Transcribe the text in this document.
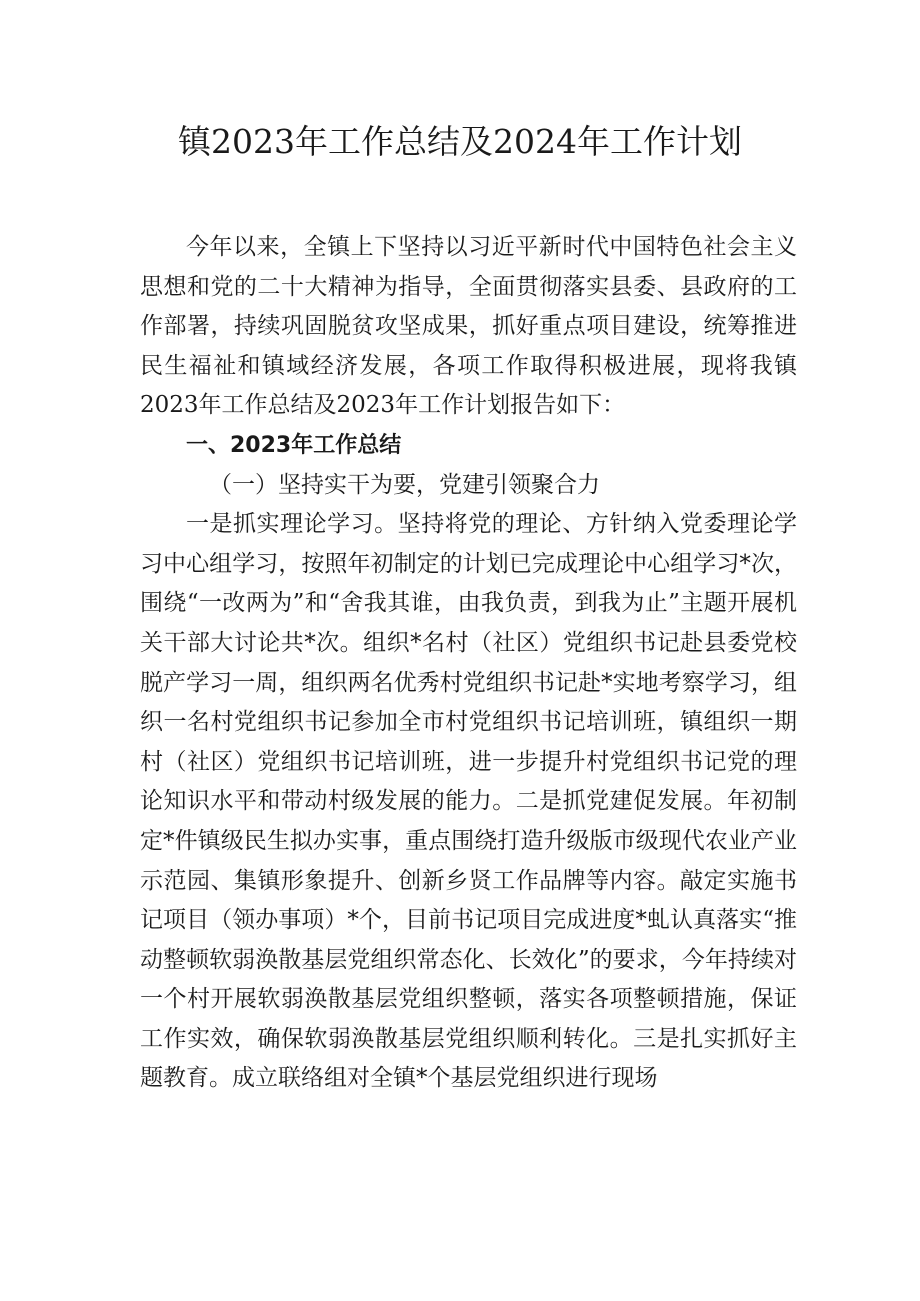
镇2023年工作总结及2024年工作计划

今年以来，全镇上下坚持以习近平新时代中国特色社会主义思想和党的二十大精神为指导，全面贯彻落实县委、县政府的工作部署，持续巩固脱贫攻坚成果，抓好重点项目建设，统筹推进民生福祉和镇域经济发展，各项工作取得积极进展，现将我镇2023年工作总结及2023年工作计划报告如下：

一、2023年工作总结

（一）坚持实干为要，党建引领聚合力

一是抓实理论学习。坚持将党的理论、方针纳入党委理论学习中心组学习，按照年初制定的计划已完成理论中心组学习*次，围绕“一改两为”和“舍我其谁，由我负责，到我为止”主题开展机关干部大讨论共*次。组织*名村（社区）党组织书记赴县委党校脱产学习一周，组织两名优秀村党组织书记赴*实地考察学习，组织一名村党组织书记参加全市村党组织书记培训班，镇组织一期村（社区）党组织书记培训班，进一步提升村党组织书记党的理论知识水平和带动村级发展的能力。二是抓党建促发展。年初制定*件镇级民生拟办实事，重点围绕打造升级版市级现代农业产业示范园、集镇形象提升、创新乡贤工作品牌等内容。敲定实施书记项目（领办事项）*个，目前书记项目完成进度*虬认真落实“推动整顿软弱涣散基层党组织常态化、长效化”的要求，今年持续对一个村开展软弱涣散基层党组织整顿，落实各项整顿措施，保证工作实效，确保软弱涣散基层党组织顺利转化。三是扎实抓好主题教育。成立联络组对全镇*个基层党组织进行现场
